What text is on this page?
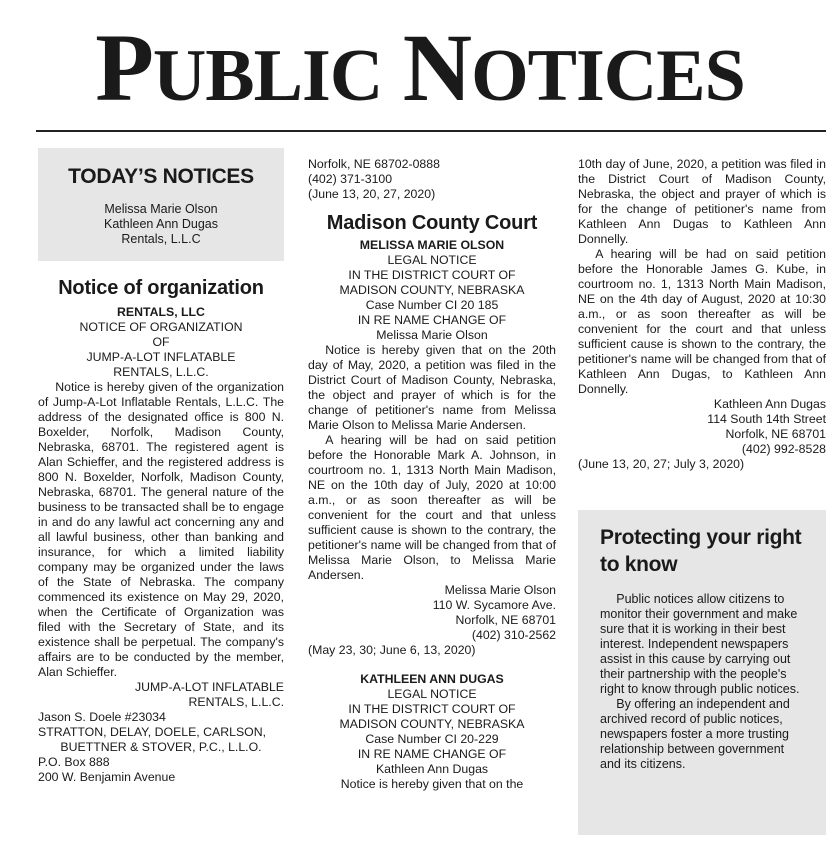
PUBLIC NOTICES
TODAY’S NOTICES
Melissa Marie Olson
Kathleen Ann Dugas
Rentals, L.L.C
Notice of organization
RENTALS, LLC
NOTICE OF ORGANIZATION
OF
JUMP-A-LOT INFLATABLE
RENTALS, L.L.C.
Notice is hereby given of the organization of Jump-A-Lot Inflatable Rentals, L.L.C. The address of the designated office is 800 N. Boxelder, Norfolk, Madison County, Nebraska, 68701. The registered agent is Alan Schieffer, and the registered address is 800 N. Boxelder, Norfolk, Madison County, Nebraska, 68701. The general nature of the business to be transacted shall be to engage in and do any lawful act concerning any and all lawful business, other than banking and insurance, for which a limited liability company may be organized under the laws of the State of Nebraska. The company commenced its existence on May 29, 2020, when the Certificate of Organization was filed with the Secretary of State, and its existence shall be perpetual. The company's affairs are to be conducted by the member, Alan Schieffer.
JUMP-A-LOT INFLATABLE
RENTALS, L.L.C.
Jason S. Doele #23034
STRATTON, DELAY, DOELE, CARLSON,
BUETTNER & STOVER, P.C., L.L.O.
P.O. Box 888
200 W. Benjamin Avenue
Norfolk, NE 68702-0888
(402) 371-3100
(June 13, 20, 27, 2020)
Madison County Court
MELISSA MARIE OLSON
LEGAL NOTICE
IN THE DISTRICT COURT OF
MADISON COUNTY, NEBRASKA
Case Number CI 20 185
IN RE NAME CHANGE OF
Melissa Marie Olson
Notice is hereby given that on the 20th day of May, 2020, a petition was filed in the District Court of Madison County, Nebraska, the object and prayer of which is for the change of petitioner's name from Melissa Marie Olson to Melissa Marie Andersen.
A hearing will be had on said petition before the Honorable Mark A. Johnson, in courtroom no. 1, 1313 North Main Madison, NE on the 10th day of July, 2020 at 10:00 a.m., or as soon thereafter as will be convenient for the court and that unless sufficient cause is shown to the contrary, the petitioner's name will be changed from that of Melissa Marie Olson, to Melissa Marie Andersen.
Melissa Marie Olson
110 W. Sycamore Ave.
Norfolk, NE 68701
(402) 310-2562
(May 23, 30; June 6, 13, 2020)
KATHLEEN ANN DUGAS
LEGAL NOTICE
IN THE DISTRICT COURT OF
MADISON COUNTY, NEBRASKA
Case Number CI 20-229
IN RE NAME CHANGE OF
Kathleen Ann Dugas
Notice is hereby given that on the
10th day of June, 2020, a petition was filed in the District Court of Madison County, Nebraska, the object and prayer of which is for the change of petitioner's name from Kathleen Ann Dugas to Kathleen Ann Donnelly.
A hearing will be had on said petition before the Honorable James G. Kube, in courtroom no. 1, 1313 North Main Madison, NE on the 4th day of August, 2020 at 10:30 a.m., or as soon thereafter as will be convenient for the court and that unless sufficient cause is shown to the contrary, the petitioner's name will be changed from that of Kathleen Ann Dugas, to Kathleen Ann Donnelly.
Kathleen Ann Dugas
114 South 14th Street
Norfolk, NE 68701
(402) 992-8528
(June 13, 20, 27; July 3, 2020)
Protecting your right to know
Public notices allow citizens to monitor their government and make sure that it is working in their best interest. Independent newspapers assist in this cause by carrying out their partnership with the people's right to know through public notices.
By offering an independent and archived record of public notices, newspapers foster a more trusting relationship between government and its citizens.
